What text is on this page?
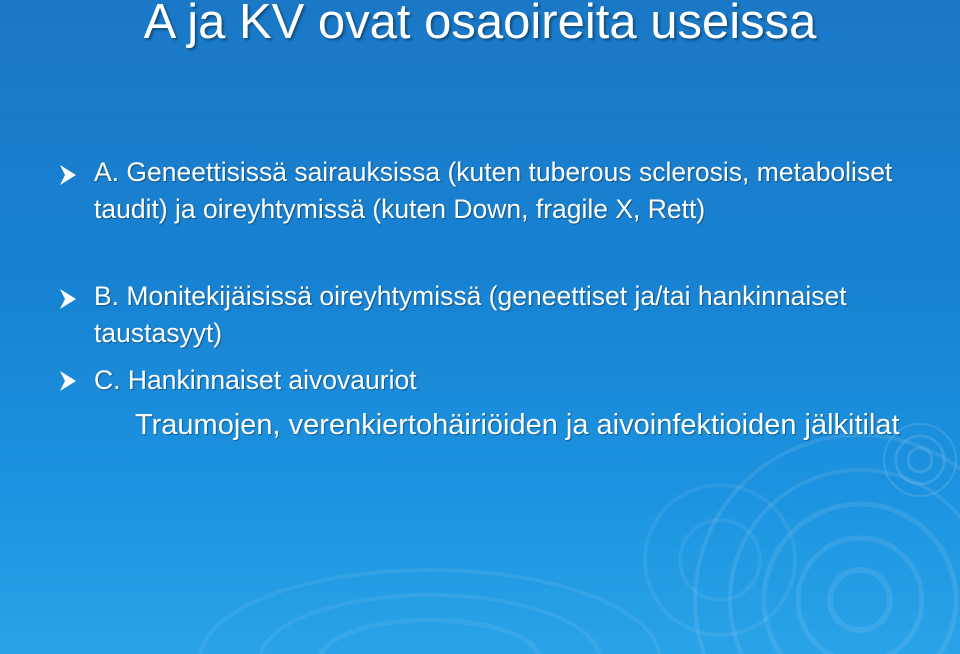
A ja KV ovat osaoireita useissa
A. Geneettisissä sairauksissa (kuten tuberous sclerosis, metaboliset taudit) ja oireyhtymissä (kuten Down, fragile X, Rett)
B. Monitekijäisissä oireyhtymissä (geneettiset ja/tai hankinnaiset taustasyyt)
C. Hankinnaiset aivovauriot
Traumojen, verenkiertohäiriöiden ja aivoinfektioiden jälkitilat
